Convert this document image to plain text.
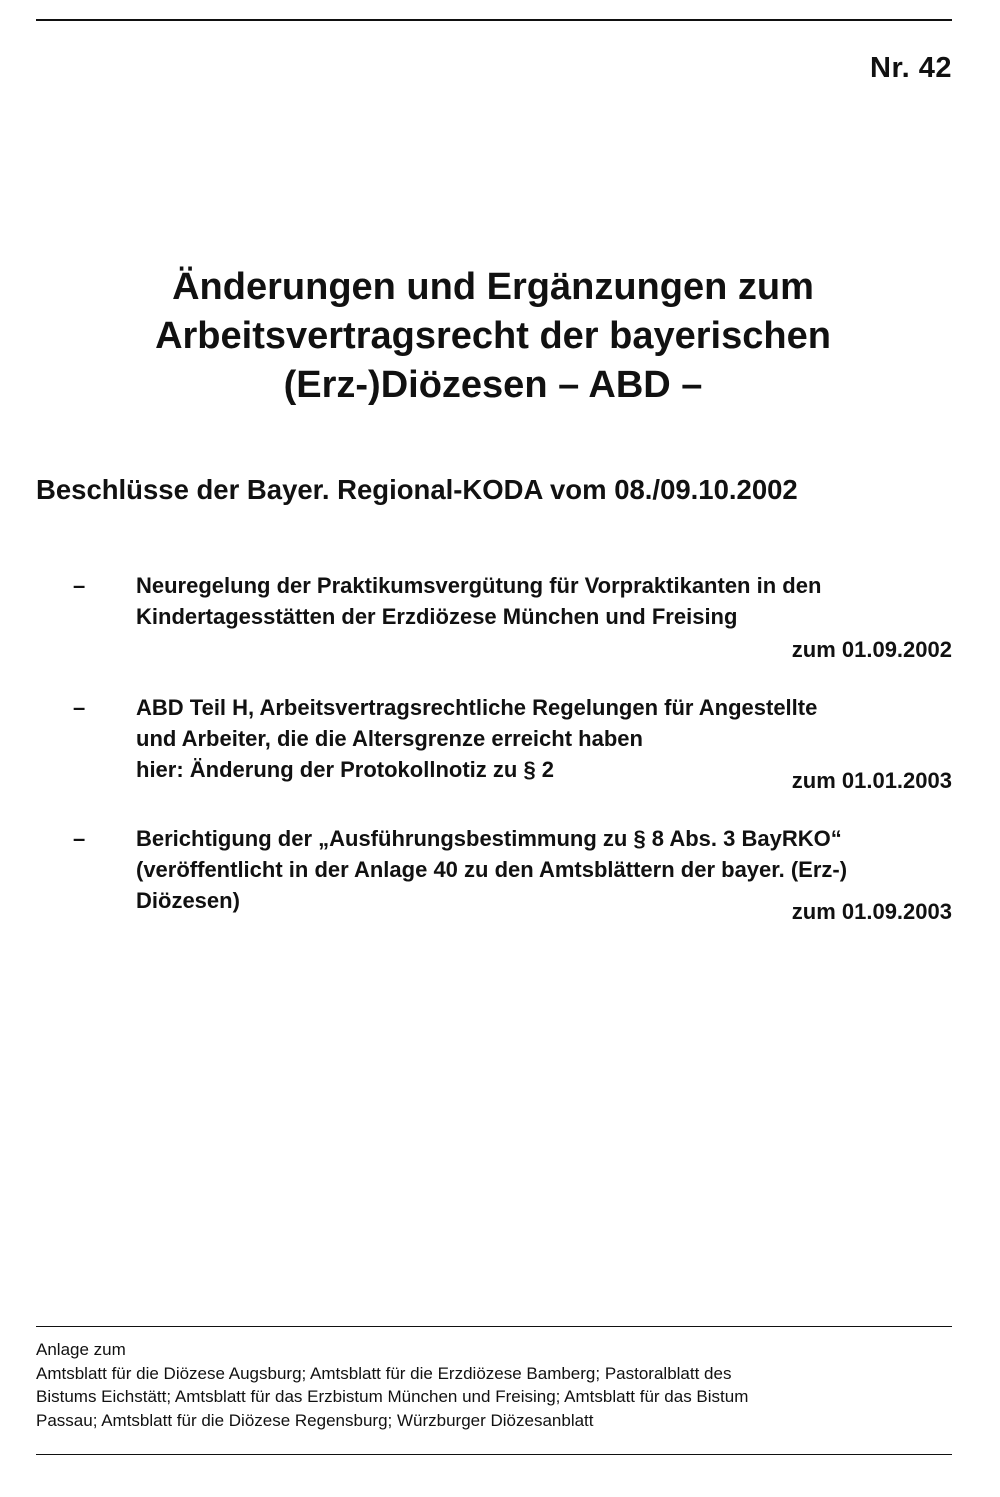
Nr. 42
Änderungen und Ergänzungen zum
Arbeitsvertragsrecht der bayerischen
(Erz-)Diözesen – ABD –
Beschlüsse der Bayer. Regional-KODA vom 08./09.10.2002
– Neuregelung der Praktikumsvergütung für Vorpraktikanten in den
Kindertagesstätten der Erzdiözese München und Freising
zum 01.09.2002
– ABD Teil H, Arbeitsvertragsrechtliche Regelungen für Angestellte
und Arbeiter, die die Altersgrenze erreicht haben
hier: Änderung der Protokollnotiz zu § 2	zum 01.01.2003
– Berichtigung der „Ausführungsbestimmung zu § 8 Abs. 3 BayRKO“
(veröffentlicht in der Anlage 40 zu den Amtsblättern der bayer. (Erz-)
Diözesen)	zum 01.09.2003
Anlage zum
Amtsblatt für die Diözese Augsburg; Amtsblatt für die Erzdiözese Bamberg; Pastoralblatt des
Bistums Eichstätt; Amtsblatt für das Erzbistum München und Freising; Amtsblatt für das Bistum
Passau; Amtsblatt für die Diözese Regensburg; Würzburger Diözesanblatt
